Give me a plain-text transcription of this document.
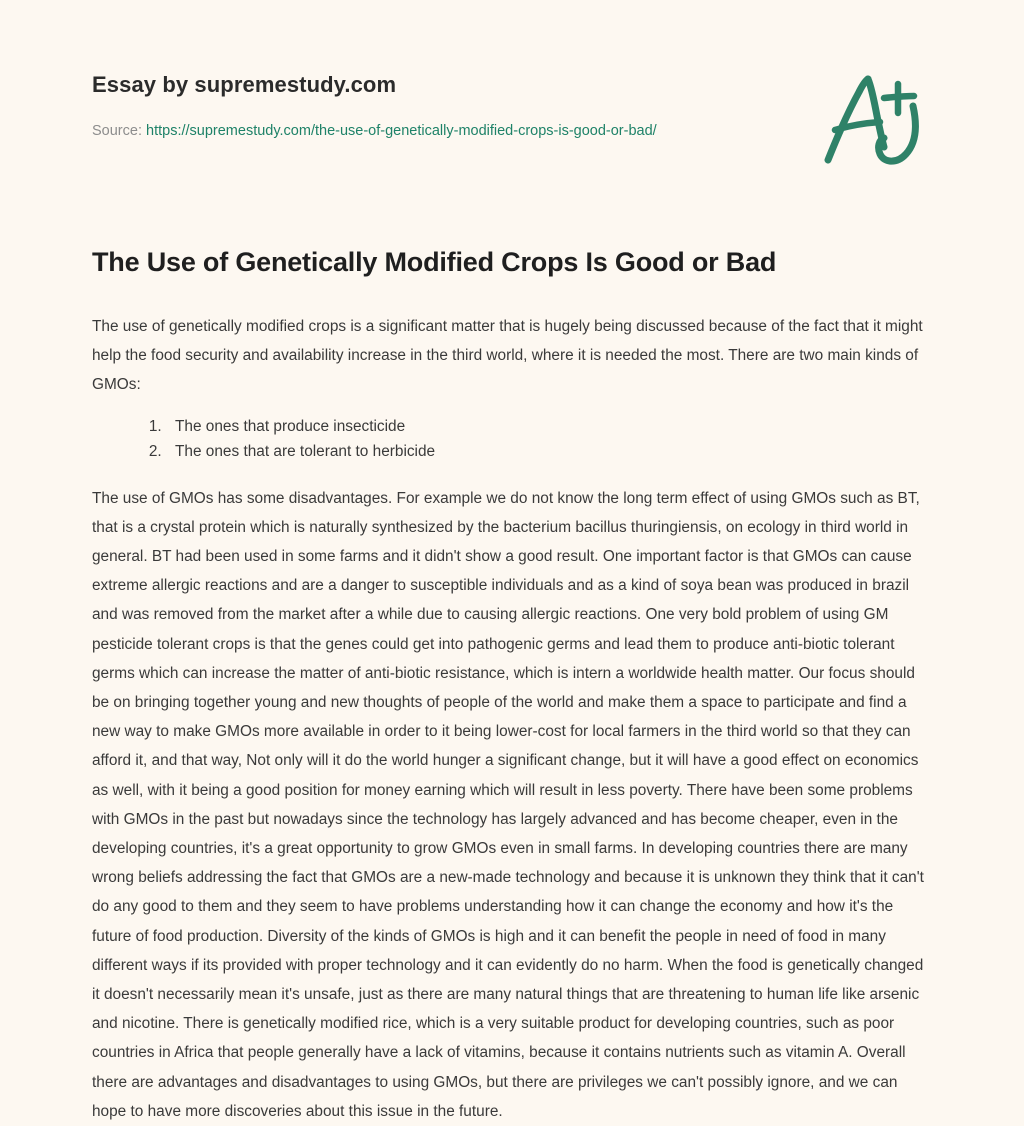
Essay by supremestudy.com
Source: https://supremestudy.com/the-use-of-genetically-modified-crops-is-good-or-bad/
The Use of Genetically Modified Crops Is Good or Bad

The use of genetically modified crops is a significant matter that is hugely being discussed because of the fact that it might help the food security and availability increase in the third world, where it is needed the most. There are two main kinds of GMOs:

1. The ones that produce insecticide
2. The ones that are tolerant to herbicide

The use of GMOs has some disadvantages. For example we do not know the long term effect of using GMOs such as BT, that is a crystal protein which is naturally synthesized by the bacterium bacillus thuringiensis, on ecology in third world in general. BT had been used in some farms and it didn't show a good result. One important factor is that GMOs can cause extreme allergic reactions and are a danger to susceptible individuals and as a kind of soya bean was produced in brazil and was removed from the market after a while due to causing allergic reactions. One very bold problem of using GM pesticide tolerant crops is that the genes could get into pathogenic germs and lead them to produce anti-biotic tolerant germs which can increase the matter of anti-biotic resistance, which is intern a worldwide health matter. Our focus should be on bringing together young and new thoughts of people of the world and make them a space to participate and find a new way to make GMOs more available in order to it being lower-cost for local farmers in the third world so that they can afford it, and that way, Not only will it do the world hunger a significant change, but it will have a good effect on economics as well, with it being a good position for money earning which will result in less poverty. There have been some problems with GMOs in the past but nowadays since the technology has largely advanced and has become cheaper, even in the developing countries, it's a great opportunity to grow GMOs even in small farms. In developing countries there are many wrong beliefs addressing the fact that GMOs are a new-made technology and because it is unknown they think that it can't do any good to them and they seem to have problems understanding how it can change the economy and how it's the future of food production. Diversity of the kinds of GMOs is high and it can benefit the people in need of food in many different ways if its provided with proper technology and it can evidently do no harm. When the food is genetically changed it doesn't necessarily mean it's unsafe, just as there are many natural things that are threatening to human life like arsenic and nicotine. There is genetically modified rice, which is a very suitable product for developing countries, such as poor countries in Africa that people generally have a lack of vitamins, because it contains nutrients such as vitamin A. Overall there are advantages and disadvantages to using GMOs, but there are privileges we can't possibly ignore, and we can hope to have more discoveries about this issue in the future.
